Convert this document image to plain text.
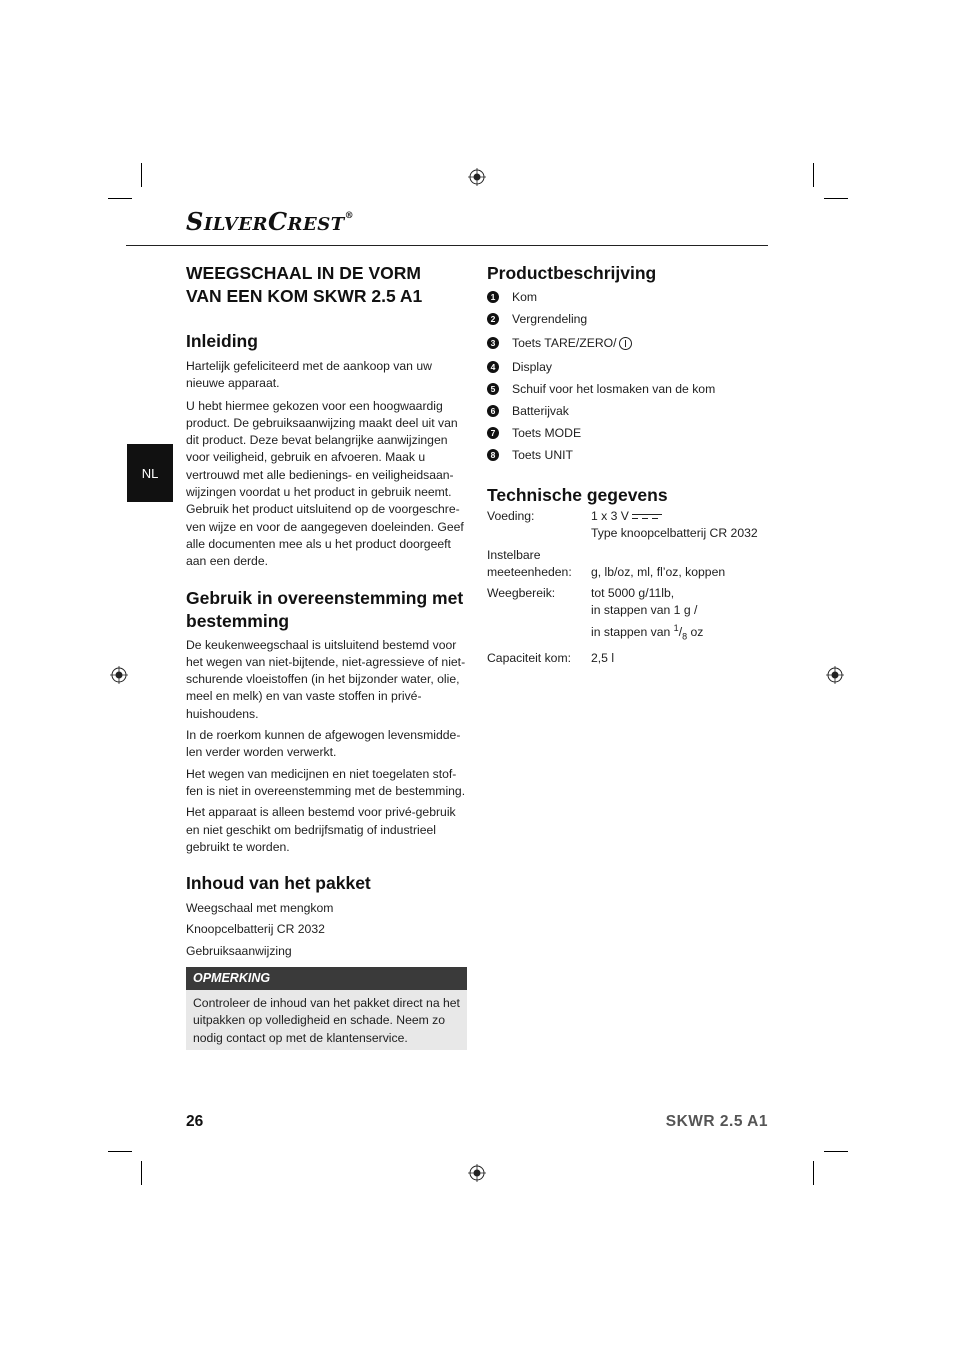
SILVERCREST®
NL
WEEGSCHAAL IN DE VORM VAN EEN KOM SKWR 2.5 A1
Inleiding

Hartelijk gefeliciteerd met de aankoop van uw nieuwe apparaat.

U hebt hiermee gekozen voor een hoogwaardig product. De gebruiksaanwijzing maakt deel uit van dit product. Deze bevat belangrijke aanwijzingen voor veiligheid, gebruik en afvoeren. Maak u vertrouwd met alle bedienings- en veiligheidsaanwijzingen voordat u het product in gebruik neemt. Gebruik het product uitsluitend op de voorgeschreven wijze en voor de aangegeven doeleinden. Geef alle documenten mee als u het product doorgeeft aan een derde.

Gebruik in overeenstemming met bestemming

De keukenweegschaal is uitsluitend bestemd voor het wegen van niet-bijtende, niet-agressieve of niet-schurende vloeistoffen (in het bijzonder water, olie, meel en melk) en van vaste stoffen in privéhuishoudens.

In de roerkom kunnen de afgewogen levensmiddelen verder worden verwerkt.

Het wegen van medicijnen en niet toegelaten stoffen is niet in overeenstemming met de bestemming.

Het apparaat is alleen bestemd voor privé-gebruik en niet geschikt om bedrijfsmatig of industrieel gebruikt te worden.

Inhoud van het pakket

Weegschaal met mengkom

Knoopcelbatterij CR 2032

Gebruiksaanwijzing

OPMERKING

Controleer de inhoud van het pakket direct na het uitpakken op volledigheid en schade. Neem zo nodig contact op met de klantenservice.

Productbeschrijving
1 Kom
2 Vergrendeling
3 Toets TARE/ZERO/
4 Display
5 Schuif voor het losmaken van de kom
6 Batterijvak
7 Toets MODE
8 Toets UNIT
Technische gegevens
Voeding:	1 x 3 V
Type knoopcelbatterij CR 2032
Instelbare
meeteenheden:	g, lb/oz, ml, fl’oz, koppen
Weegbereik:	tot 5000 g/11lb,
in stappen van 1 g /
in stappen van $^1/_8$ oz
Capaciteit kom:	2,5 l
26	SKWR 2.5 A1
